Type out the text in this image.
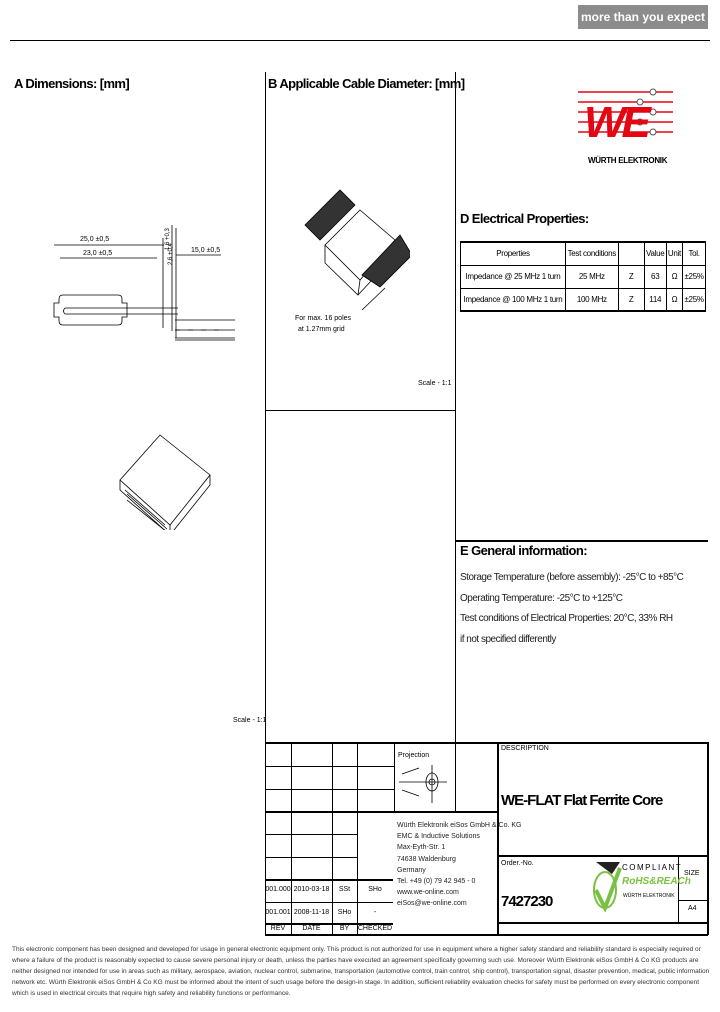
more than you expect
A Dimensions: [mm]
25,0 ±0,5
23,0 ±0,5	15,0 ±0,5
2,6 +0,4
1,6 +0,3
Scale - 1:1
B Applicable Cable Diameter: [mm]
For max. 16 poles
at 1.27mm grid
Scale - 1:1
WE
WÜRTH ELEKTRONIK
D Electrical Properties:
Properties	Test conditions		Value	Unit	Tol.
Impedance @ 25 MHz 1 turn	25 MHz	Z	63	Ω	±25%
Impedance @ 100 MHz 1 turn	100 MHz	Z	114	Ω	±25%
E General information:
Storage Temperature (before assembly): -25°C to +85°C
Operating Temperature: -25°C to +125°C
Test conditions of Electrical Properties: 20°C, 33% RH
if not specified differently
Projection
001.000 2010-03-18	SSt	SHo
001.001 2008-11-18	SHo	-
REV	DATE	BY	CHECKED
Würth Elektronik eiSos GmbH & Co. KG
EMC & Inductive Solutions
Max-Eyth-Str. 1
74638 Waldenburg
Germany
Tel. +49 (0) 79 42 945 - 0
www.we-online.com
eiSos@we-online.com
DESCRIPTION
WE-FLAT Flat Ferrite Core
Order.-No.
7427230
SIZE
A4
COMPLIANT
RoHS&REACh
WÜRTH ELEKTRONIK
This electronic component has been designed and developed for usage in general electronic equipment only. This product is not authorized for use in equipment where a higher safety standard and reliability standard is especially required or where a failure of the product is reasonably expected to cause severe personal injury or death, unless the parties have executed an agreement specifically governing such use. Moreover Würth Elektronik eiSos GmbH & Co KG products are neither designed nor intended for use in areas such as military, aerospace, aviation, nuclear control, submarine, transportation (automotive control, train control, ship control), transportation signal, disaster prevention, medical, public information network etc. Würth Elektronik eiSos GmbH & Co KG must be informed about the intent of such usage before the design-in stage. In addition, sufficient reliability evaluation checks for safety must be performed on every electronic component which is used in electrical circuits that require high safety and reliability functions or performance.
